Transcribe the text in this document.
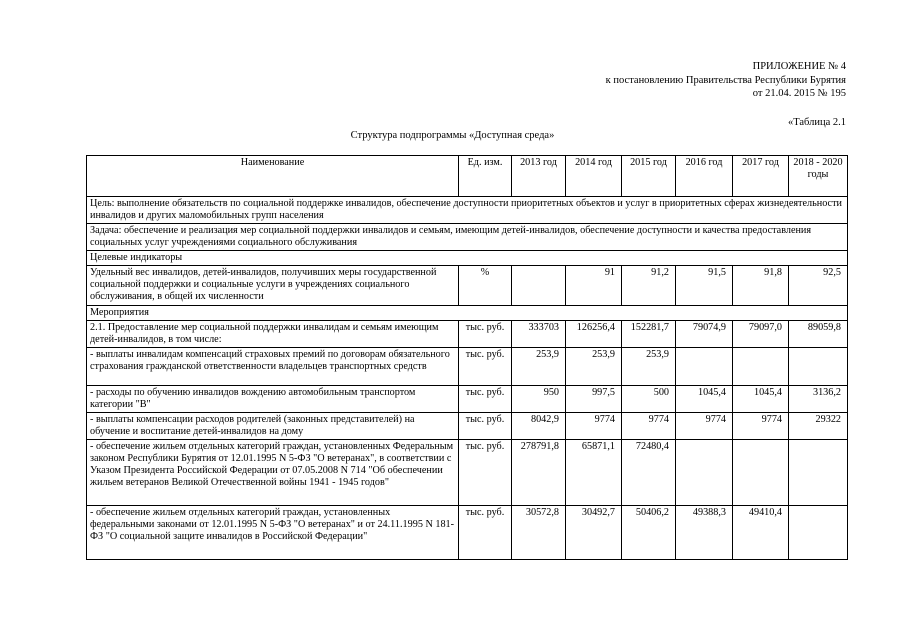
ПРИЛОЖЕНИЕ № 4
к постановлению Правительства Республики Бурятия
от 21.04. 2015 № 195
«Таблица 2.1
Структура подпрограммы «Доступная среда»
Наименование	Ед. изм.	2013 год	2014 год	2015 год	2016 год	2017 год	2018 - 2020 годы
Цель: выполнение обязательств по социальной поддержке инвалидов, обеспечение доступности приоритетных объектов и услуг в приоритетных сферах жизнедеятельности инвалидов и других маломобильных групп населения							
Задача: обеспечение и реализация мер социальной поддержки инвалидов и семьям, имеющим детей-инвалидов, обеспечение доступности и качества предоставления социальных услуг учреждениями социального обслуживания							
Целевые индикаторы							
Удельный вес инвалидов, детей-инвалидов, получивших меры государственной социальной поддержки и социальные услуги в учреждениях социального обслуживания, в общей их численности	%		91	91,2	91,5	91,8	92,5
Мероприятия							
2.1. Предоставление мер социальной поддержки инвалидам и семьям имеющим детей-инвалидов, в том числе:	тыс. руб.	333703	126256,4	152281,7	79074,9	79097,0	89059,8
- выплаты инвалидам компенсаций страховых премий по договорам обязательного страхования гражданской ответственности владельцев транспортных средств	тыс. руб.	253,9	253,9	253,9			
- расходы по обучению инвалидов вождению автомобильным транспортом категории "В"	тыс. руб.	950	997,5	500	1045,4	1045,4	3136,2
- выплаты компенсации расходов родителей (законных представителей) на обучение и воспитание детей-инвалидов на дому	тыс. руб.	8042,9	9774	9774	9774	9774	29322
- обеспечение жильем отдельных категорий граждан, установленных Федеральным законом Республики Бурятия от 12.01.1995 N 5-ФЗ "О ветеранах", в соответствии с Указом Президента Российской Федерации от 07.05.2008 N 714 "Об обеспечении жильем ветеранов Великой Отечественной войны 1941 - 1945 годов"	тыс. руб.	278791,8	65871,1	72480,4			
- обеспечение жильем отдельных категорий граждан, установленных федеральными законами от 12.01.1995 N 5-ФЗ "О ветеранах" и от 24.11.1995 N 181-ФЗ "О социальной защите инвалидов в Российской Федерации"	тыс. руб.	30572,8	30492,7	50406,2	49388,3	49410,4	
